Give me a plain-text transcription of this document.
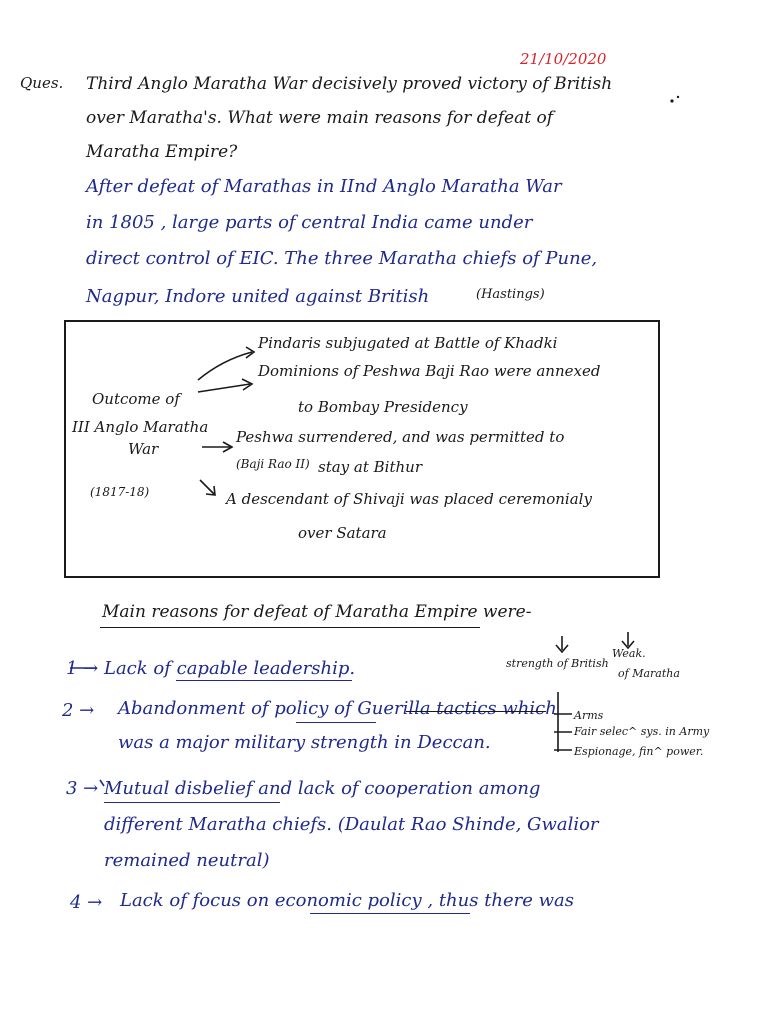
21/10/2020
Ques. Third Anglo Maratha War decisively proved victory of British
over Maratha's. What were main reasons for defeat of
Maratha Empire?
After defeat of Marathas in IInd Anglo Maratha War
in 1805 , large parts of central India came under
direct control of EIC. The three Maratha chiefs of Pune,
Nagpur, Indore united against British	(Hastings)
Outcome of
III Anglo Maratha
War
(1817-18)
Pindaris subjugated at Battle of Khadki
Dominions of Peshwa Baji Rao were annexed
to Bombay Presidency
Peshwa surrendered, and was permitted to
(Baji Rao II) stay at Bithur
A descendant of Shivaji was placed ceremonialy
over Satara
Main reasons for defeat of Maratha Empire were-
strength of British
Weak.
of Maratha
Arms
Fair selec^ sys. in Army
Espionage, fin^ power.
1 → Lack of capable leadership.
2 → Abandonment of policy of Guerilla tactics which
was a major military strength in Deccan.
3 → Mutual disbelief and lack of cooperation among
different Maratha chiefs. (Daulat Rao Shinde, Gwalior
remained neutral)
4 → Lack of focus on economic policy , thus there was
